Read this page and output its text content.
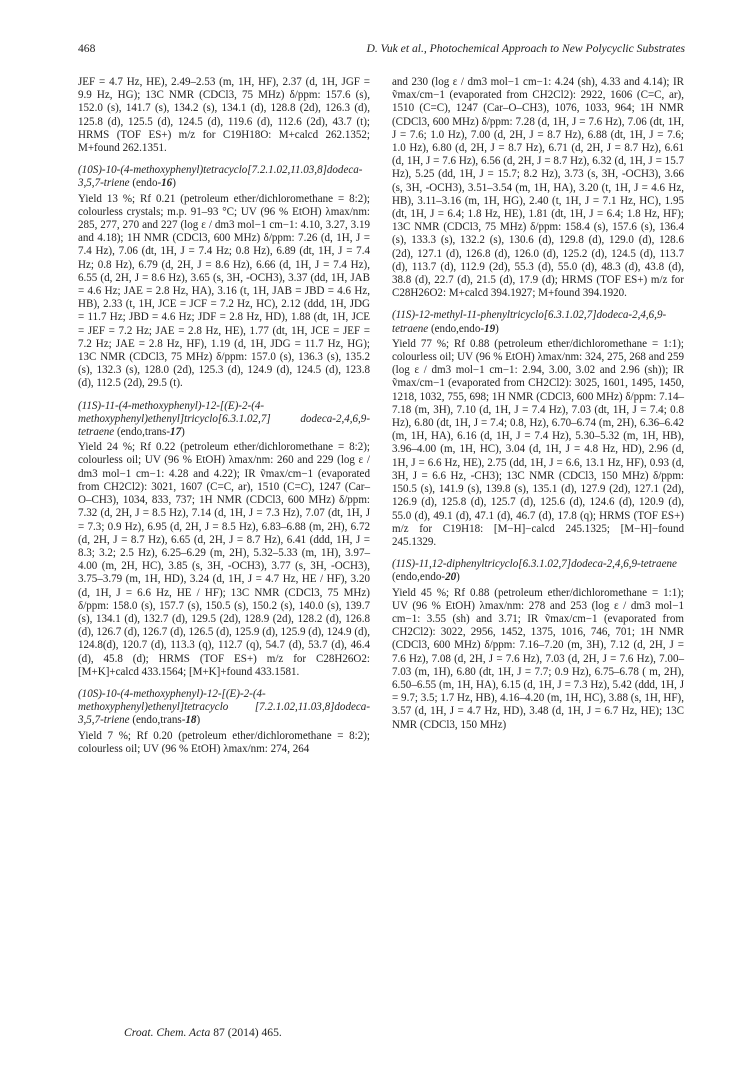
468	D. Vuk et al., Photochemical Approach to New Polycyclic Substrates

JEF = 4.7 Hz, HE), 2.49–2.53 (m, 1H, HF), 2.37 (d, 1H, JGF = 9.9 Hz, HG); 13C NMR (CDCl3, 75 MHz) δ/ppm: 157.6 (s), 152.0 (s), 141.7 (s), 134.2 (s), 134.1 (d), 128.8 (2d), 126.3 (d), 125.8 (d), 125.5 (d), 124.5 (d), 119.6 (d), 112.6 (2d), 43.7 (t); HRMS (TOF ES+) m/z for C19H18O: M+calcd 262.1352; M+found 262.1351.

(10S)-10-(4-methoxyphenyl)tetracyclo[7.2.1.02,11.03,8]dodeca-3,5,7-triene (endo-16)

Yield 13 %; Rf 0.21 (petroleum ether/dichloromethane = 8:2); colourless crystals; m.p. 91–93 °C; UV (96 % EtOH) λmax/nm: 285, 277, 270 and 227 (log ε / dm3 mol−1 cm−1: 4.10, 3.27, 3.19 and 4.18); 1H NMR (CDCl3, 600 MHz) δ/ppm: 7.26 (d, 1H, J = 7.4 Hz), 7.06 (dt, 1H, J = 7.4 Hz; 0.8 Hz), 6.89 (dt, 1H, J = 7.4 Hz; 0.8 Hz), 6.79 (d, 2H, J = 8.6 Hz), 6.66 (d, 1H, J = 7.4 Hz), 6.55 (d, 2H, J = 8.6 Hz), 3.65 (s, 3H, -OCH3), 3.37 (dd, 1H, JAB = 4.6 Hz; JAE = 2.8 Hz, HA), 3.16 (t, 1H, JAB = JBD = 4.6 Hz, HB), 2.33 (t, 1H, JCE = JCF = 7.2 Hz, HC), 2.12 (ddd, 1H, JDG = 11.7 Hz; JBD = 4.6 Hz; JDF = 2.8 Hz, HD), 1.88 (dt, 1H, JCE = JEF = 7.2 Hz; JAE = 2.8 Hz, HE), 1.77 (dt, 1H, JCE = JEF = 7.2 Hz; JAE = 2.8 Hz, HF), 1.19 (d, 1H, JDG = 11.7 Hz, HG); 13C NMR (CDCl3, 75 MHz) δ/ppm: 157.0 (s), 136.3 (s), 135.2 (s), 132.3 (s), 128.0 (2d), 125.3 (d), 124.9 (d), 124.5 (d), 123.8 (d), 112.5 (2d), 29.5 (t).

(11S)-11-(4-methoxyphenyl)-12-[(E)-2-(4-methoxyphenyl)ethenyl]tricyclo[6.3.1.02,7] dodeca-2,4,6,9-tetraene (endo,trans-17)

Yield 24 %; Rf 0.22 (petroleum ether/dichloromethane = 8:2); colourless oil; UV (96 % EtOH) λmax/nm: 260 and 229 (log ε / dm3 mol−1 cm−1: 4.28 and 4.22); IR ṽmax/cm−1 (evaporated from CH2Cl2): 3021, 1607 (C=C, ar), 1510 (C=C), 1247 (Car–O–CH3), 1034, 833, 737; 1H NMR (CDCl3, 600 MHz) δ/ppm: 7.32 (d, 2H, J = 8.5 Hz), 7.14 (d, 1H, J = 7.3 Hz), 7.07 (dt, 1H, J = 7.3; 0.9 Hz), 6.95 (d, 2H, J = 8.5 Hz), 6.83–6.88 (m, 2H), 6.72 (d, 2H, J = 8.7 Hz), 6.65 (d, 2H, J = 8.7 Hz), 6.41 (ddd, 1H, J = 8.3; 3.2; 2.5 Hz), 6.25–6.29 (m, 2H), 5.32–5.33 (m, 1H), 3.97–4.00 (m, 2H, HC), 3.85 (s, 3H, -OCH3), 3.77 (s, 3H, -OCH3), 3.75–3.79 (m, 1H, HD), 3.24 (d, 1H, J = 4.7 Hz, HE / HF), 3.20 (d, 1H, J = 6.6 Hz, HE / HF); 13C NMR (CDCl3, 75 MHz) δ/ppm: 158.0 (s), 157.7 (s), 150.5 (s), 150.2 (s), 140.0 (s), 139.7 (s), 134.1 (d), 132.7 (d), 129.5 (2d), 128.9 (2d), 128.2 (d), 126.8 (d), 126.7 (d), 126.7 (d), 126.5 (d), 125.9 (d), 125.9 (d), 124.9 (d), 124.8(d), 120.7 (d), 113.3 (q), 112.7 (q), 54.7 (d), 53.7 (d), 46.4 (d), 45.8 (d); HRMS (TOF ES+) m/z for C28H26O2: [M+K]+calcd 433.1564; [M+K]+found 433.1581.

(10S)-10-(4-methoxyphenyl)-12-[(E)-2-(4-methoxyphenyl)ethenyl]tetracyclo [7.2.1.02,11.03,8]dodeca-3,5,7-triene (endo,trans-18)

Yield 7 %; Rf 0.20 (petroleum ether/dichloromethane = 8:2); colourless oil; UV (96 % EtOH) λmax/nm: 274, 264

and 230 (log ε / dm3 mol−1 cm−1: 4.24 (sh), 4.33 and 4.14); IR ṽmax/cm−1 (evaporated from CH2Cl2): 2922, 1606 (C=C, ar), 1510 (C=C), 1247 (Car–O–CH3), 1076, 1033, 964; 1H NMR (CDCl3, 600 MHz) δ/ppm: 7.28 (d, 1H, J = 7.6 Hz), 7.06 (dt, 1H, J = 7.6; 1.0 Hz), 7.00 (d, 2H, J = 8.7 Hz), 6.88 (dt, 1H, J = 7.6; 1.0 Hz), 6.80 (d, 2H, J = 8.7 Hz), 6.71 (d, 2H, J = 8.7 Hz), 6.61 (d, 1H, J = 7.6 Hz), 6.56 (d, 2H, J = 8.7 Hz), 6.32 (d, 1H, J = 15.7 Hz), 5.25 (dd, 1H, J = 15.7; 8.2 Hz), 3.73 (s, 3H, -OCH3), 3.66 (s, 3H, -OCH3), 3.51–3.54 (m, 1H, HA), 3.20 (t, 1H, J = 4.6 Hz, HB), 3.11–3.16 (m, 1H, HG), 2.40 (t, 1H, J = 7.1 Hz, HC), 1.95 (dt, 1H, J = 6.4; 1.8 Hz, HE), 1.81 (dt, 1H, J = 6.4; 1.8 Hz, HF); 13C NMR (CDCl3, 75 MHz) δ/ppm: 158.4 (s), 157.6 (s), 136.4 (s), 133.3 (s), 132.2 (s), 130.6 (d), 129.8 (d), 129.0 (d), 128.6 (2d), 127.1 (d), 126.8 (d), 126.0 (d), 125.2 (d), 124.5 (d), 113.7 (d), 113.7 (d), 112.9 (2d), 55.3 (d), 55.0 (d), 48.3 (d), 43.8 (d), 38.8 (d), 22.7 (d), 21.5 (d), 17.9 (d); HRMS (TOF ES+) m/z for C28H26O2: M+calcd 394.1927; M+found 394.1920.

(11S)-12-methyl-11-phenyltricyclo[6.3.1.02,7]dodeca-2,4,6,9-tetraene (endo,endo-19)

Yield 77 %; Rf 0.88 (petroleum ether/dichloromethane = 1:1); colourless oil; UV (96 % EtOH) λmax/nm: 324, 275, 268 and 259 (log ε / dm3 mol−1 cm−1: 2.94, 3.00, 3.02 and 2.96 (sh)); IR ṽmax/cm−1 (evaporated from CH2Cl2): 3025, 1601, 1495, 1450, 1218, 1032, 755, 698; 1H NMR (CDCl3, 600 MHz) δ/ppm: 7.14–7.18 (m, 3H), 7.10 (d, 1H, J = 7.4 Hz), 7.03 (dt, 1H, J = 7.4; 0.8 Hz), 6.80 (dt, 1H, J = 7.4; 0.8, Hz), 6.70–6.74 (m, 2H), 6.36–6.42 (m, 1H, HA), 6.16 (d, 1H, J = 7.4 Hz), 5.30–5.32 (m, 1H, HB), 3.96–4.00 (m, 1H, HC), 3.04 (d, 1H, J = 4.8 Hz, HD), 2.96 (d, 1H, J = 6.6 Hz, HE), 2.75 (dd, 1H, J = 6.6, 13.1 Hz, HF), 0.93 (d, 3H, J = 6.6 Hz, -CH3); 13C NMR (CDCl3, 150 MHz) δ/ppm: 150.5 (s), 141.9 (s), 139.8 (s), 135.1 (d), 127.9 (2d), 127.1 (2d), 126.9 (d), 125.8 (d), 125.7 (d), 125.6 (d), 124.6 (d), 120.9 (d), 55.0 (d), 49.1 (d), 47.1 (d), 46.7 (d), 17.8 (q); HRMS (TOF ES+) m/z for C19H18: [M−H]−calcd 245.1325; [M−H]−found 245.1329.

(11S)-11,12-diphenyltricyclo[6.3.1.02,7]dodeca-2,4,6,9-tetraene (endo,endo-20)

Yield 45 %; Rf 0.88 (petroleum ether/dichloromethane = 1:1); UV (96 % EtOH) λmax/nm: 278 and 253 (log ε / dm3 mol−1 cm−1: 3.55 (sh) and 3.71; IR ṽmax/cm−1 (evaporated from CH2Cl2): 3022, 2956, 1452, 1375, 1016, 746, 701; 1H NMR (CDCl3, 600 MHz) δ/ppm: 7.16–7.20 (m, 3H), 7.12 (d, 2H, J = 7.6 Hz), 7.08 (d, 2H, J = 7.6 Hz), 7.03 (d, 2H, J = 7.6 Hz), 7.00–7.03 (m, 1H), 6.80 (dt, 1H, J = 7.7; 0.9 Hz), 6.75–6.78 ( m, 2H), 6.50–6.55 (m, 1H, HA), 6.15 (d, 1H, J = 7.3 Hz), 5.42 (ddd, 1H, J = 9.7; 3.5; 1.7 Hz, HB), 4.16–4.20 (m, 1H, HC), 3.88 (s, 1H, HF), 3.57 (d, 1H, J = 4.7 Hz, HD), 3.48 (d, 1H, J = 6.7 Hz, HE); 13C NMR (CDCl3, 150 MHz)

Croat. Chem. Acta 87 (2014) 465.
